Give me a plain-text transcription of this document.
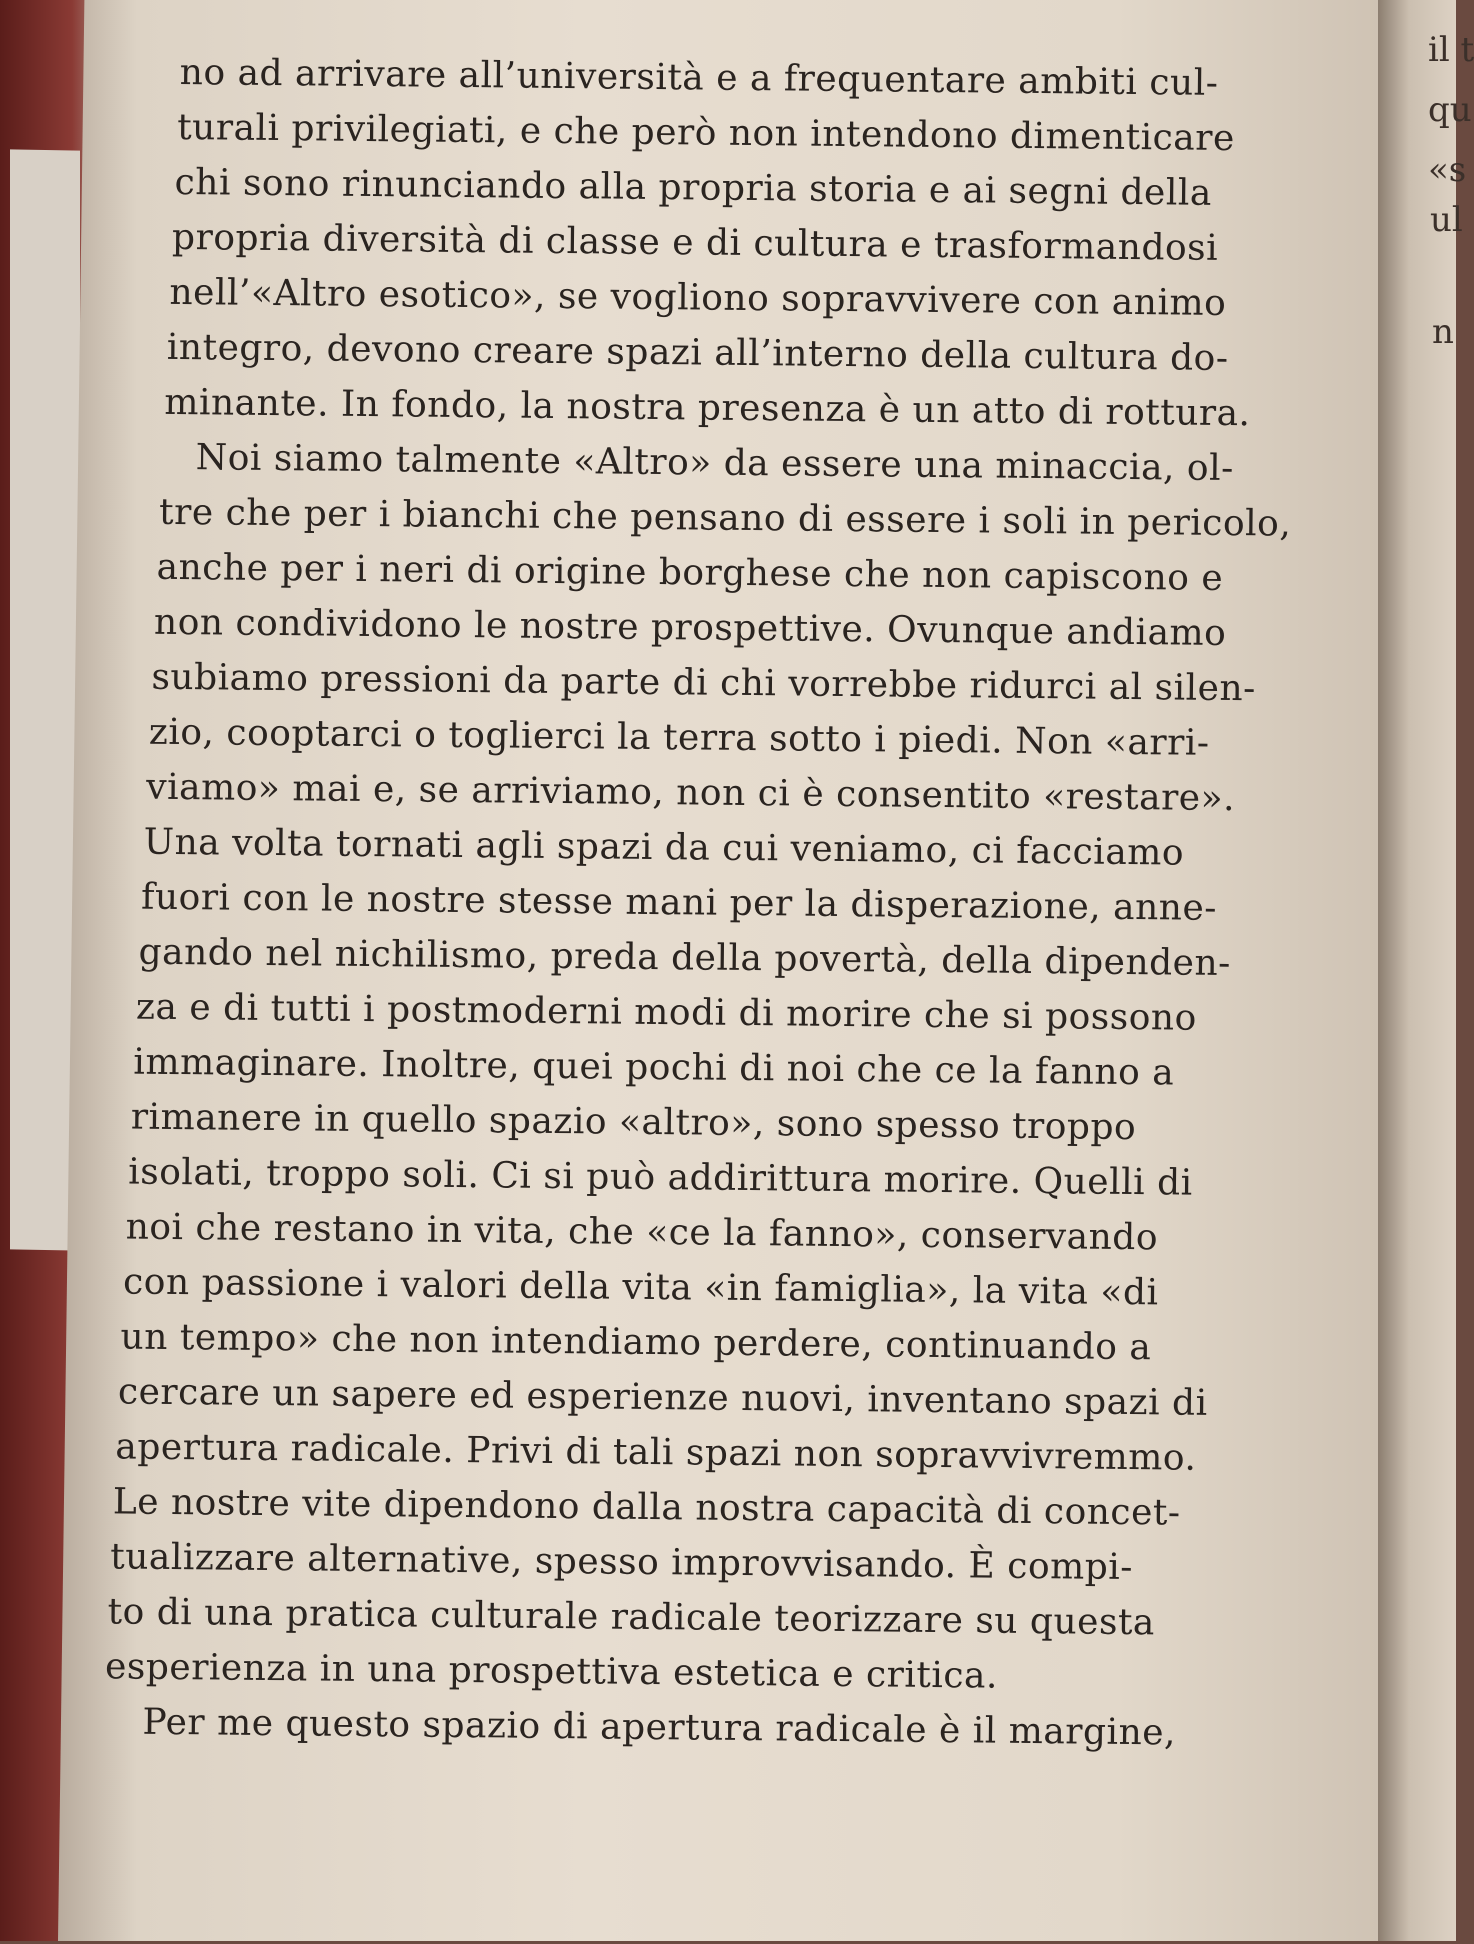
no ad arrivare all’università e a frequentare ambiti cul-
turali privilegiati, e che però non intendono dimenticare
chi sono rinunciando alla propria storia e ai segni della
propria diversità di classe e di cultura e trasformandosi
nell’«Altro esotico», se vogliono sopravvivere con animo
integro, devono creare spazi all’interno della cultura do-
minante. In fondo, la nostra presenza è un atto di rottura.
Noi siamo talmente «Altro» da essere una minaccia, ol-
tre che per i bianchi che pensano di essere i soli in pericolo,
anche per i neri di origine borghese che non capiscono e
non condividono le nostre prospettive. Ovunque andiamo
subiamo pressioni da parte di chi vorrebbe ridurci al silen-
zio, cooptarci o toglierci la terra sotto i piedi. Non «arri-
viamo» mai e, se arriviamo, non ci è consentito «restare».
Una volta tornati agli spazi da cui veniamo, ci facciamo
fuori con le nostre stesse mani per la disperazione, anne-
gando nel nichilismo, preda della povertà, della dipenden-
za e di tutti i postmoderni modi di morire che si possono
immaginare. Inoltre, quei pochi di noi che ce la fanno a
rimanere in quello spazio «altro», sono spesso troppo
isolati, troppo soli. Ci si può addirittura morire. Quelli di
noi che restano in vita, che «ce la fanno», conservando
con passione i valori della vita «in famiglia», la vita «di
un tempo» che non intendiamo perdere, continuando a
cercare un sapere ed esperienze nuovi, inventano spazi di
apertura radicale. Privi di tali spazi non sopravvivremmo.
Le nostre vite dipendono dalla nostra capacità di concet-
tualizzare alternative, spesso improvvisando. È compi-
to di una pratica culturale radicale teorizzare su questa
esperienza in una prospettiva estetica e critica.
Per me questo spazio di apertura radicale è il margine,
il t
qu
«s
ul
n
